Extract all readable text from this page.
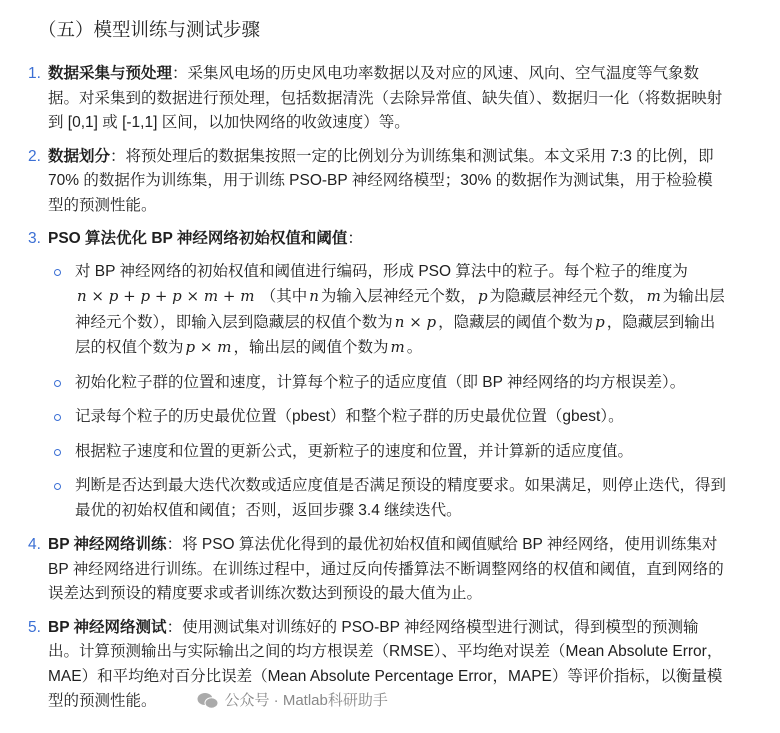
（五）模型训练与测试步骤
1. 数据采集与预处理：采集风电场的历史风电功率数据以及对应的风速、风向、空气温度等气象数据。对采集到的数据进行预处理，包括数据清洗（去除异常值、缺失值）、数据归一化（将数据映射到 [0,1] 或 [-1,1] 区间，以加快网络的收敛速度）等。
2. 数据划分：将预处理后的数据集按照一定的比例划分为训练集和测试集。本文采用 7:3 的比例，即 70% 的数据作为训练集，用于训练 PSO-BP 神经网络模型；30% 的数据作为测试集，用于检验模型的预测性能。
3. PSO 算法优化 BP 神经网络初始权值和阈值：
对 BP 神经网络的初始权值和阈值进行编码，形成 PSO 算法中的粒子。每个粒子的维度为
n × p + p + p × m + m （其中 n 为输入层神经元个数， p 为隐藏层神经元个数， m 为输出层神经元个数），即输入层到隐藏层的权值个数为 n × p ，隐藏层的阈值个数为 p ，隐藏层到输出层的权值个数为 p × m ，输出层的阈值个数为 m 。
初始化粒子群的位置和速度，计算每个粒子的适应度值（即 BP 神经网络的均方根误差）。
记录每个粒子的历史最优位置（pbest）和整个粒子群的历史最优位置（gbest）。
根据粒子速度和位置的更新公式，更新粒子的速度和位置，并计算新的适应度值。
判断是否达到最大迭代次数或适应度值是否满足预设的精度要求。如果满足，则停止迭代，得到最优的初始权值和阈值；否则，返回步骤 3.4 继续迭代。
4. BP 神经网络训练：将 PSO 算法优化得到的最优初始权值和阈值赋给 BP 神经网络，使用训练集对 BP 神经网络进行训练。在训练过程中，通过反向传播算法不断调整网络的权值和阈值，直到网络的误差达到预设的精度要求或者训练次数达到预设的最大值为止。
5. BP 神经网络测试：使用测试集对训练好的 PSO-BP 神经网络模型进行测试，得到模型的预测输出。计算预测输出与实际输出之间的均方根误差（RMSE）、平均绝对误差（Mean Absolute Error，MAE）和平均绝对百分比误差（Mean Absolute Percentage Error，MAPE）等评价指标，以衡量模型的预测性能。	公众号 · Matlab科研助手
